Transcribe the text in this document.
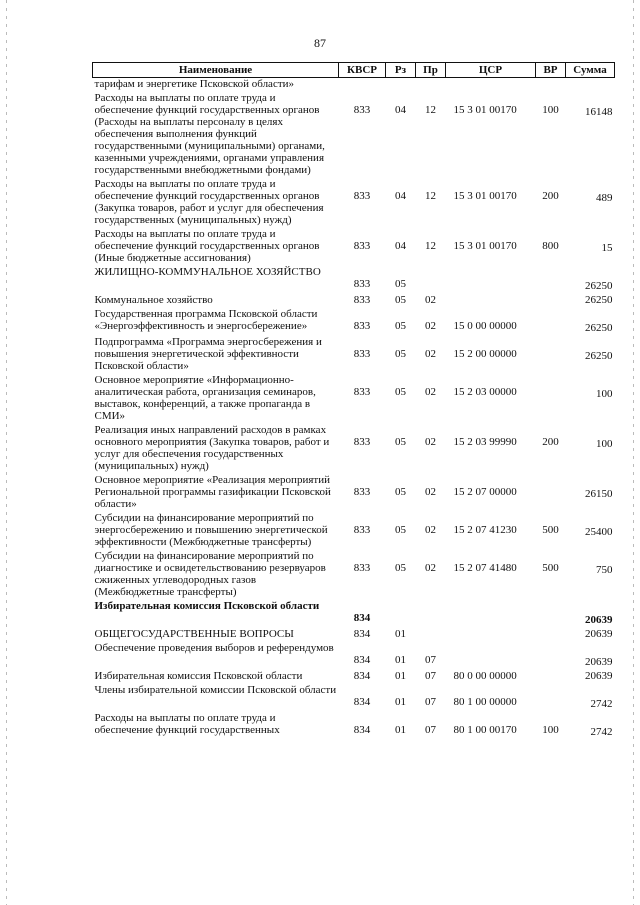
87
Наименование	КВСР	Рз	Пр	ЦСР	ВР	Сумма
тарифам и энергетике Псковской области»						
Расходы на выплаты по оплате труда и обеспечение функций государственных органов (Расходы на выплаты персоналу в целях обеспечения выполнения функций государственными (муниципальными) органами, казенными учреждениями, органами управления государственными внебюджетными фондами)	833	04	12	15 3 01 00170	100	16148
Расходы на выплаты по оплате труда и обеспечение функций государственных органов (Закупка товаров, работ и услуг для обеспечения государственных (муниципальных) нужд)	833	04	12	15 3 01 00170	200	489
Расходы на выплаты по оплате труда и обеспечение функций государственных органов (Иные бюджетные ассигнования)	833	04	12	15 3 01 00170	800	15
ЖИЛИЩНО-КОММУНАЛЬНОЕ ХОЗЯЙСТВО	833	05				26250
Коммунальное хозяйство	833	05	02			26250
Государственная программа Псковской области «Энергоэффективность и энергосбережение»	833	05	02	15 0 00 00000		26250
Подпрограмма «Программа энергосбережения и повышения энергетической эффективности Псковской области»	833	05	02	15 2 00 00000		26250
Основное мероприятие «Информационно-аналитическая работа, организация семинаров, выставок, конференций, а также пропаганда в СМИ»	833	05	02	15 2 03 00000		100
Реализация иных направлений расходов в рамках основного мероприятия (Закупка товаров, работ и услуг для обеспечения государственных (муниципальных) нужд)	833	05	02	15 2 03 99990	200	100
Основное мероприятие «Реализация мероприятий Региональной программы газификации Псковской области»	833	05	02	15 2 07 00000		26150
Субсидии на финансирование мероприятий по энергосбережению и повышению энергетической эффективности (Межбюджетные трансферты)	833	05	02	15 2 07 41230	500	25400
Субсидии на финансирование мероприятий по диагностике и освидетельствованию резервуаров сжиженных углеводородных газов (Межбюджетные трансферты)	833	05	02	15 2 07 41480	500	750
Избирательная комиссия Псковской области	834					20639
ОБЩЕГОСУДАРСТВЕННЫЕ ВОПРОСЫ	834	01				20639
Обеспечение проведения выборов и референдумов	834	01	07			20639
Избирательная комиссия Псковской области	834	01	07	80 0 00 00000		20639
Члены избирательной комиссии Псковской области	834	01	07	80 1 00 00000		2742
Расходы на выплаты по оплате труда и обеспечение функций государственных	834	01	07	80 1 00 00170	100	2742
